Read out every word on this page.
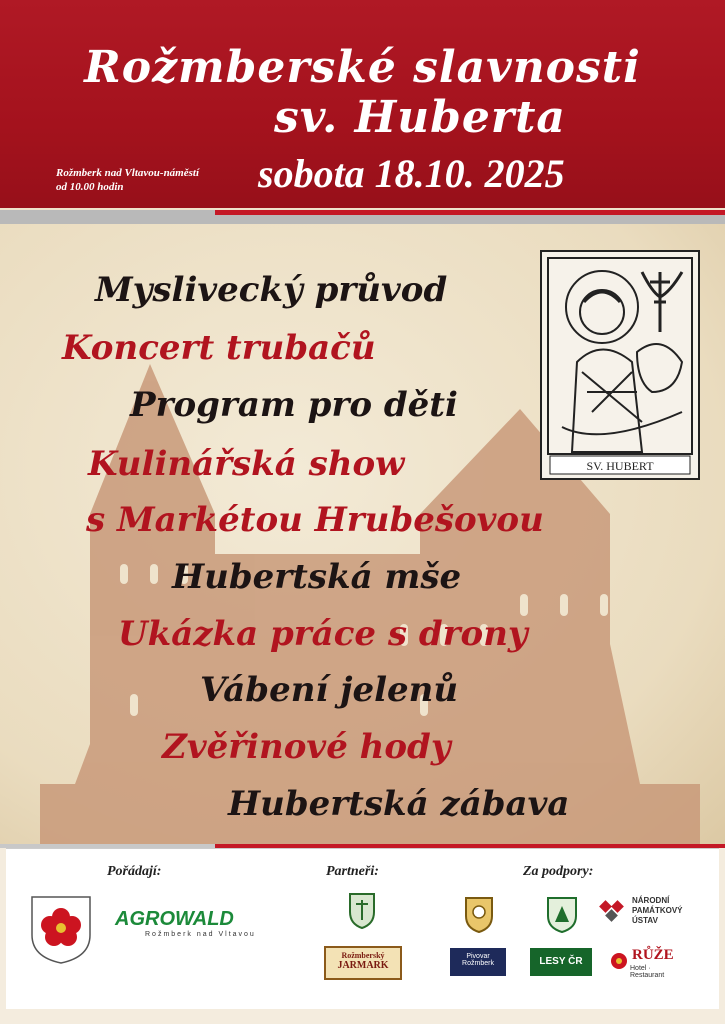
Rožmberské slavnosti
sv. Huberta
Rožmberk nad Vltavou-náměstí
od 10.00 hodin	sobota 18.10. 2025
SV. HUBERT
Myslivecký průvod
Koncert trubačů
Program pro děti
Kulinářská show
s Markétou Hrubešovou
Hubertská mše
Ukázka práce s drony
Vábení jelenů
Zvěřinové hody
Hubertská zábava
Pořádají:	Partneři:	Za podpory:
AGROWALD
Rožmberk nad Vltavou
Rožmberský
JARMARK
Pivovar
Rožmberk	LESY ČR
NÁRODNÍ
PAMÁTKOVÝ
ÚSTAV
RŮŽE
Hotel · Restaurant
